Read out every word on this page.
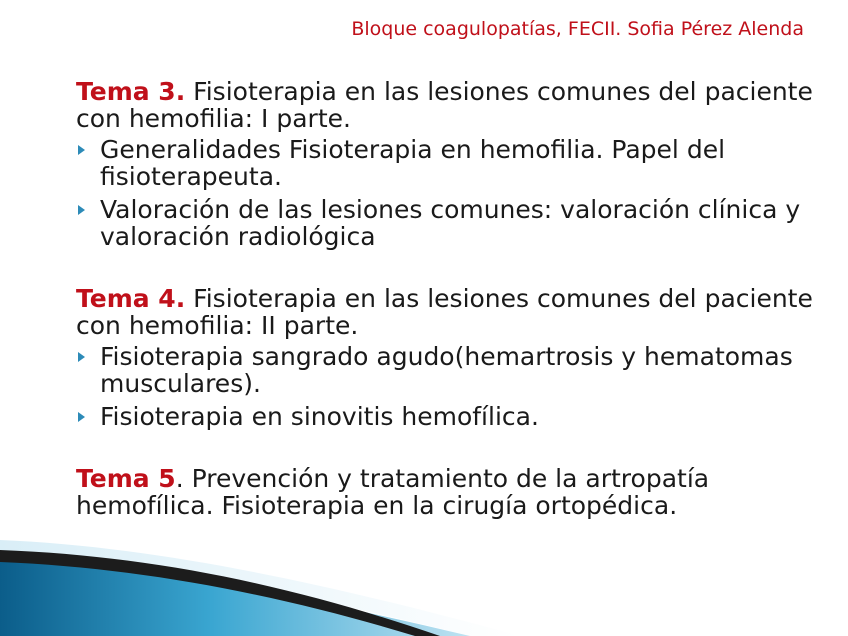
Bloque coagulopatías, FECII. Sofia Pérez Alenda

Tema 3. Fisioterapia en las lesiones comunes del paciente con hemofilia: I parte.

Generalidades Fisioterapia en hemofilia. Papel del fisioterapeuta.
Valoración de las lesiones comunes: valoración clínica y valoración radiológica

Tema 4. Fisioterapia en las lesiones comunes del paciente con hemofilia: II parte.

Fisioterapia sangrado agudo(hemartrosis y hematomas musculares).
Fisioterapia en sinovitis hemofílica.

Tema 5. Prevención y tratamiento de la artropatía hemofílica. Fisioterapia en la cirugía ortopédica.
